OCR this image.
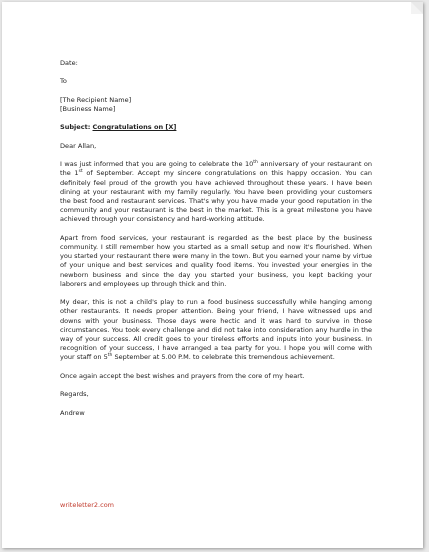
Date:

To

[The Recipient Name]

[Business Name]

Subject: Congratulations on [X]

Dear Allan,

I was just informed that you are going to celebrate the 10th anniversary of your restaurant on the 1st of September. Accept my sincere congratulations on this happy occasion. You can definitely feel proud of the growth you have achieved throughout these years. I have been dining at your restaurant with my family regularly. You have been providing your customers the best food and restaurant services. That's why you have made your good reputation in the community and your restaurant is the best in the market. This is a great milestone you have achieved through your consistency and hard-working attitude.

Apart from food services, your restaurant is regarded as the best place by the business community. I still remember how you started as a small setup and now it's flourished. When you started your restaurant there were many in the town. But you earned your name by virtue of your unique and best services and quality food items. You invested your energies in the newborn business and since the day you started your business, you kept backing your laborers and employees up through thick and thin.

My dear, this is not a child's play to run a food business successfully while hanging among other restaurants. It needs proper attention. Being your friend, I have witnessed ups and downs with your business. Those days were hectic and it was hard to survive in those circumstances. You took every challenge and did not take into consideration any hurdle in the way of your success. All credit goes to your tireless efforts and inputs into your business. In recognition of your success, I have arranged a tea party for you. I hope you will come with your staff on 5th September at 5.00 P.M. to celebrate this tremendous achievement.

Once again accept the best wishes and prayers from the core of my heart.

Regards,

Andrew

writeletter2.com
